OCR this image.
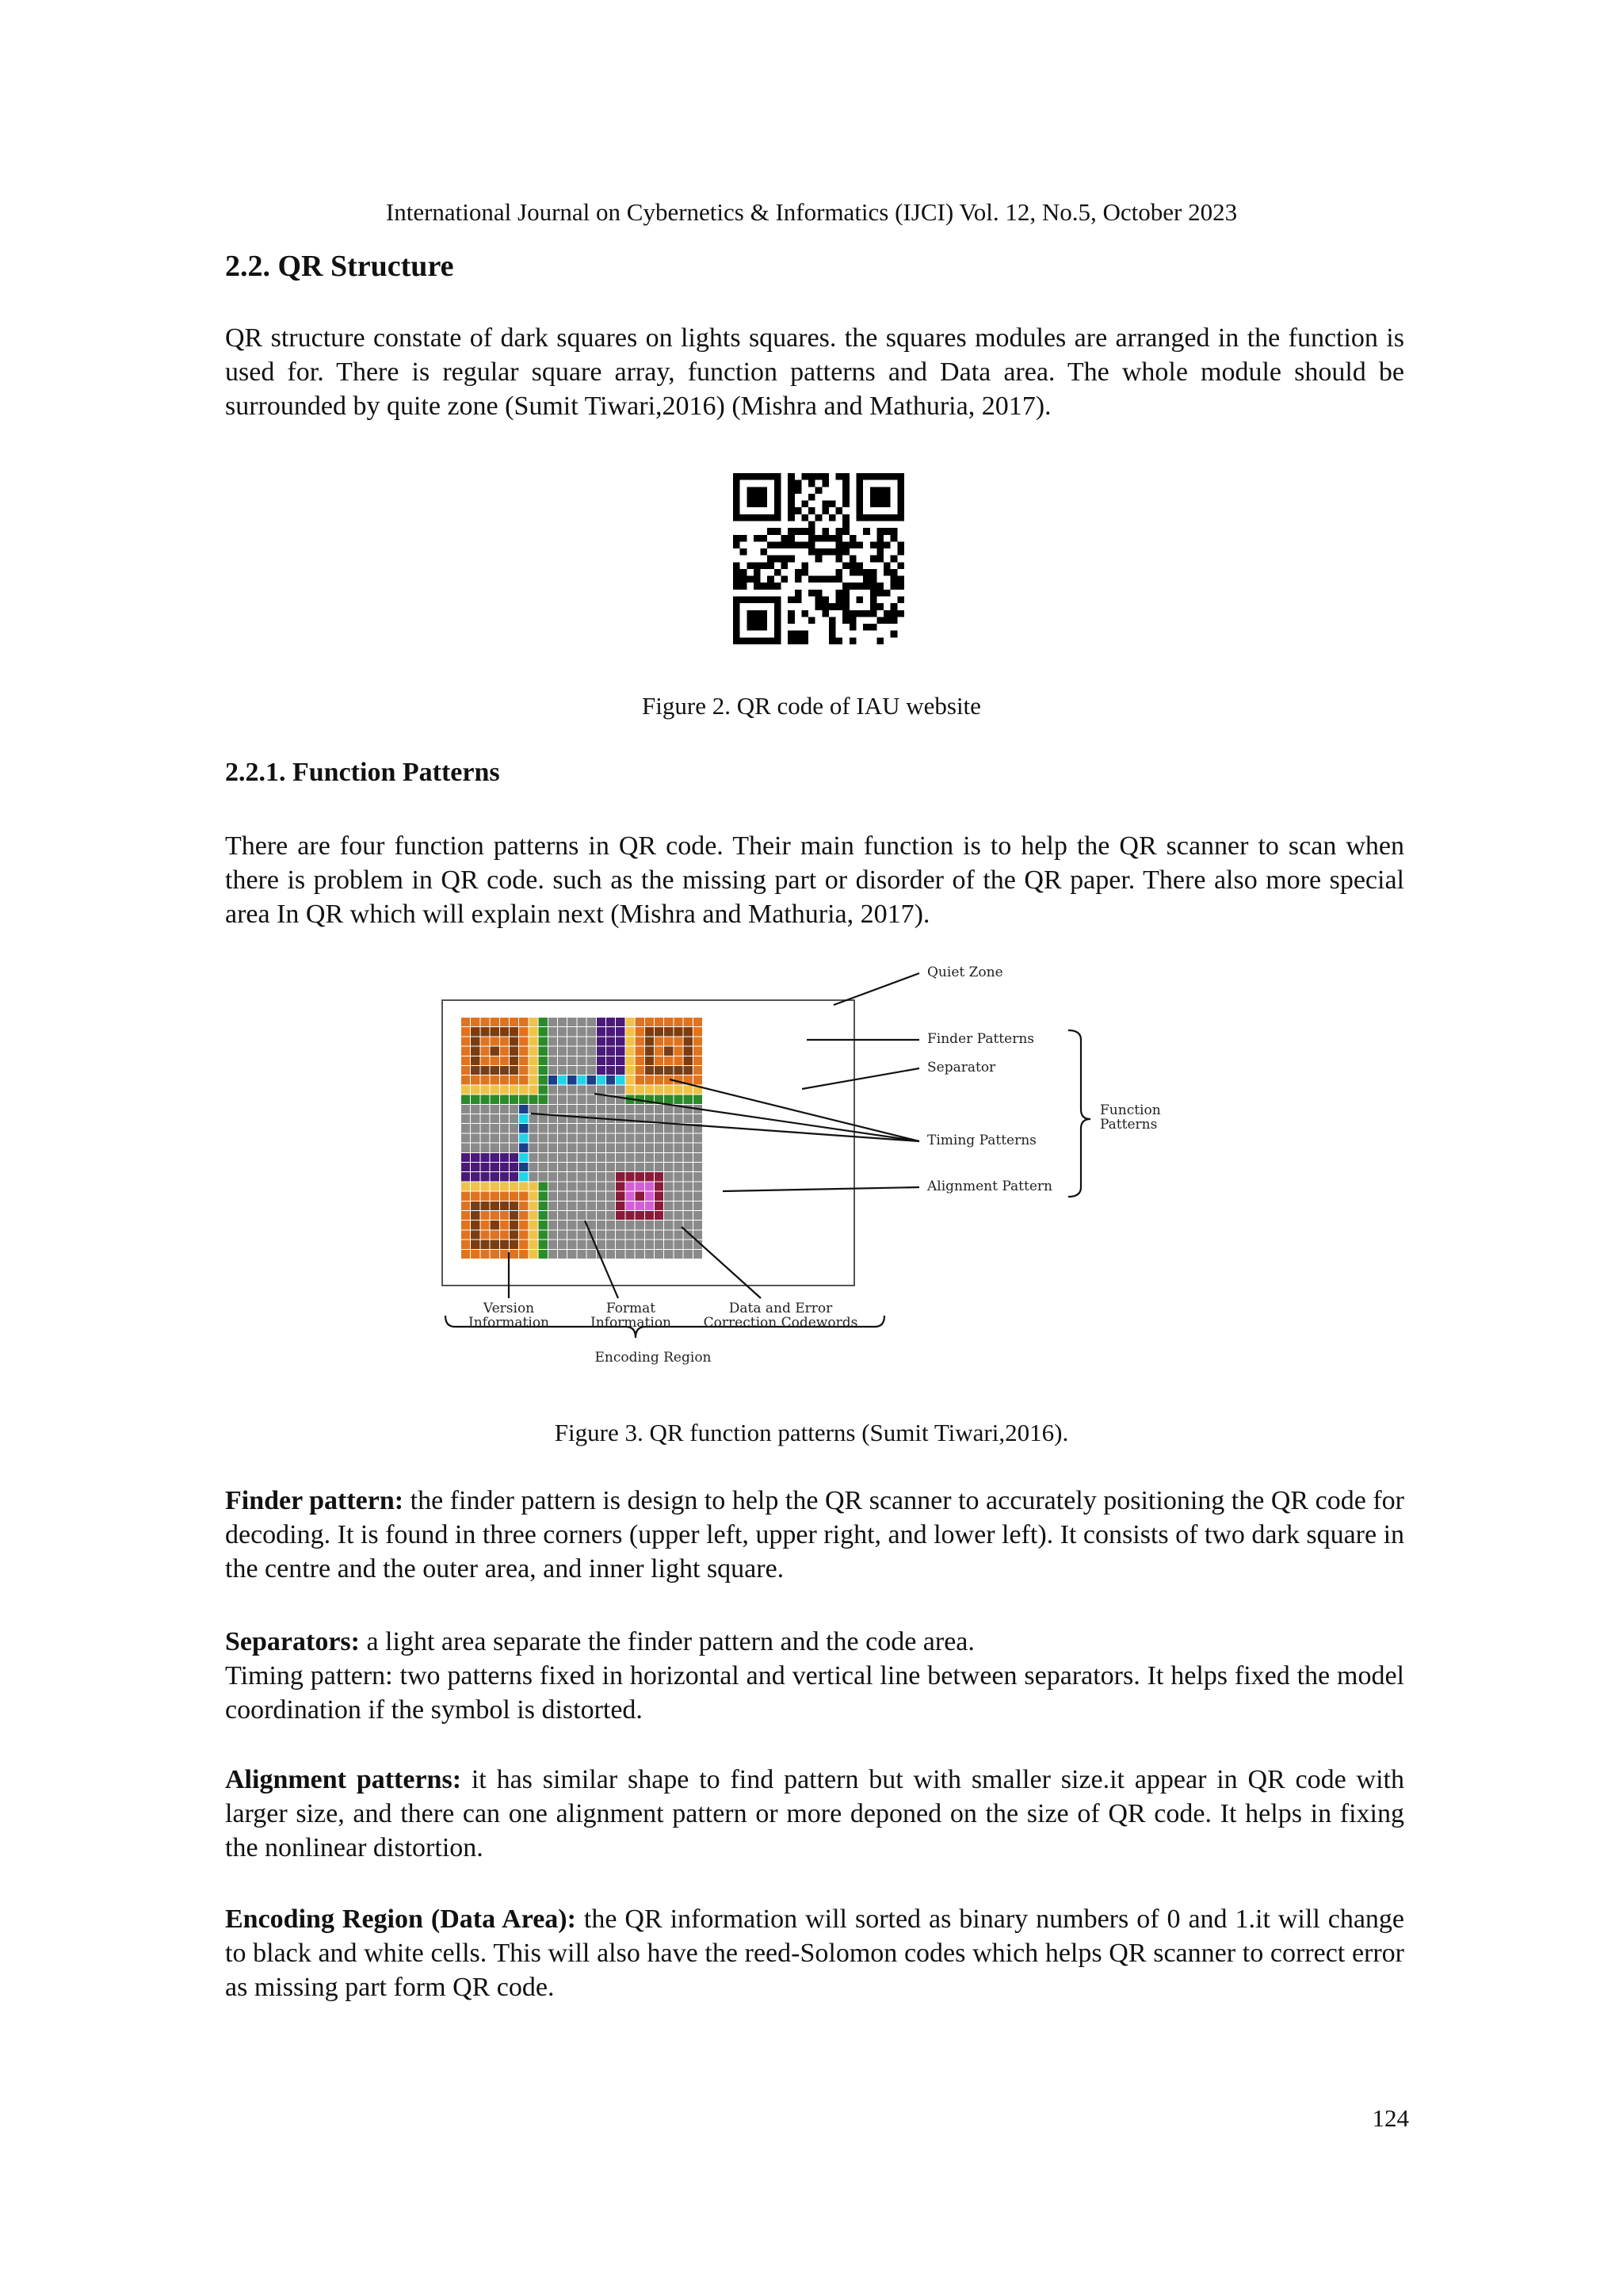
International Journal on Cybernetics & Informatics (IJCI) Vol. 12, No.5, October 2023
2.2. QR Structure
QR structure constate of dark squares on lights squares. the squares modules are arranged in the function is used for. There is regular square array, function patterns and Data area. The whole module should be surrounded by quite zone (Sumit Tiwari,2016) (Mishra and Mathuria, 2017).
Figure 2. QR code of IAU website
2.2.1. Function Patterns
There are four function patterns in QR code. Their main function is to help the QR scanner to scan when there is problem in QR code. such as the missing part or disorder of the QR paper. There also more special area In QR which will explain next (Mishra and Mathuria, 2017).
Quiet Zone
Finder Patterns
Separator
Timing Patterns
Alignment Pattern
Function
Patterns
Version
Information
Format
Information
Data and Error
Correction Codewords
Encoding Region
Figure 3. QR function patterns (Sumit Tiwari,2016).
Finder pattern: the finder pattern is design to help the QR scanner to accurately positioning the QR code for decoding. It is found in three corners (upper left, upper right, and lower left). It consists of two dark square in the centre and the outer area, and inner light square.
Separators: a light area separate the finder pattern and the code area.
Timing pattern: two patterns fixed in horizontal and vertical line between separators. It helps fixed the model coordination if the symbol is distorted.
Alignment patterns: it has similar shape to find pattern but with smaller size.it appear in QR code with larger size, and there can one alignment pattern or more deponed on the size of QR code. It helps in fixing the nonlinear distortion.
Encoding Region (Data Area): the QR information will sorted as binary numbers of 0 and 1.it will change to black and white cells. This will also have the reed-Solomon codes which helps QR scanner to correct error as missing part form QR code.
124
